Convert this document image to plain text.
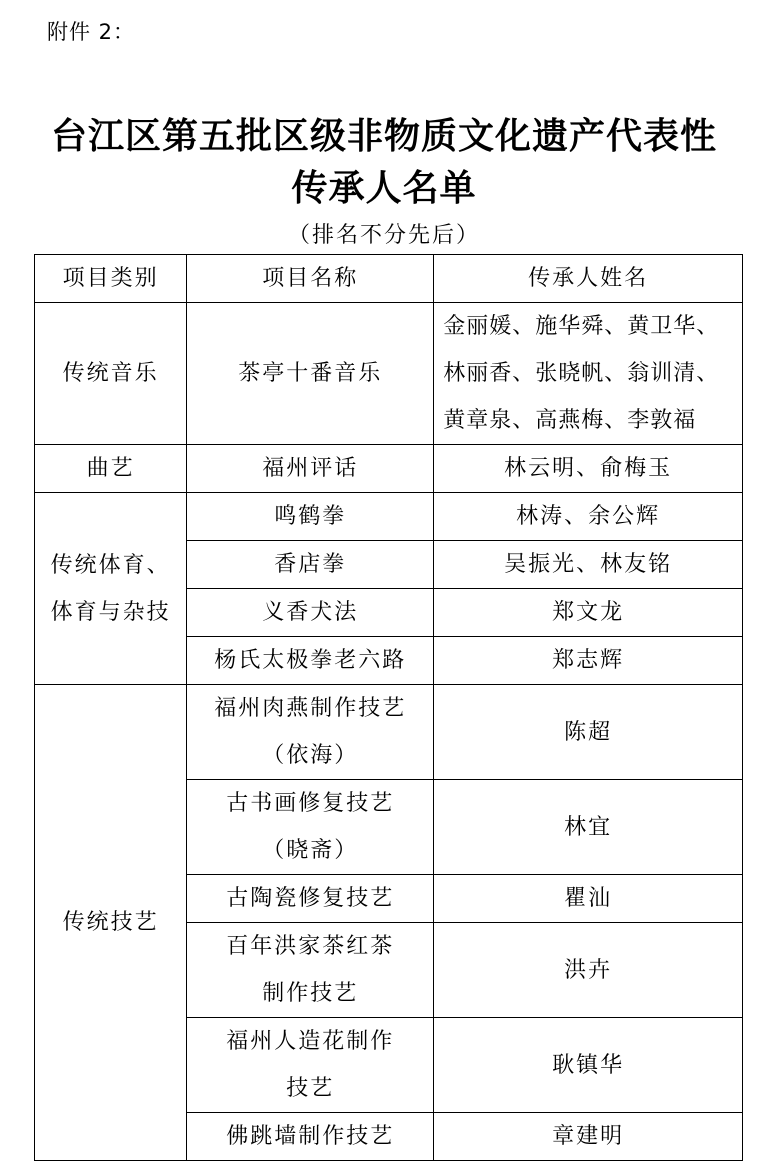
附件 2：
台江区第五批区级非物质文化遗产代表性
传承人名单
（排名不分先后）
项目类别	项目名称	传承人姓名
传统音乐	茶亭十番音乐	金丽媛、施华舜、黄卫华、
林丽香、张晓帆、翁训清、
黄章泉、高燕梅、李敦福

曲艺	福州评话	林云明、俞梅玉

传统体育、
体育与杂技	鸣鹤拳	林涛、余公辉
	香店拳	吴振光、林友铭
	义香犬法	郑文龙
	杨氏太极拳老六路	郑志辉
传统技艺	福州肉燕制作技艺
（依海）	陈超

	古书画修复技艺
（晓斋）	林宜

	古陶瓷修复技艺	瞿汕

	百年洪家茶红茶
制作技艺	洪卉

	福州人造花制作
技艺	耿镇华

	佛跳墙制作技艺	章建明
